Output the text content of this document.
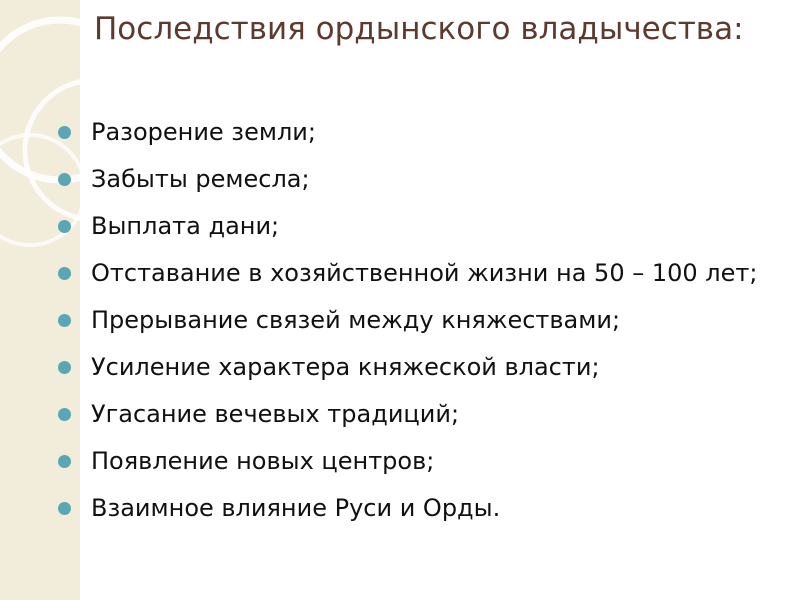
Последствия ордынского владычества:
Разорение земли;
Забыты ремесла;
Выплата дани;
Отставание в хозяйственной жизни на 50 – 100 лет;
Прерывание связей между княжествами;
Усиление характера княжеской власти;
Угасание вечевых традиций;
Появление новых центров;
Взаимное влияние Руси и Орды.
